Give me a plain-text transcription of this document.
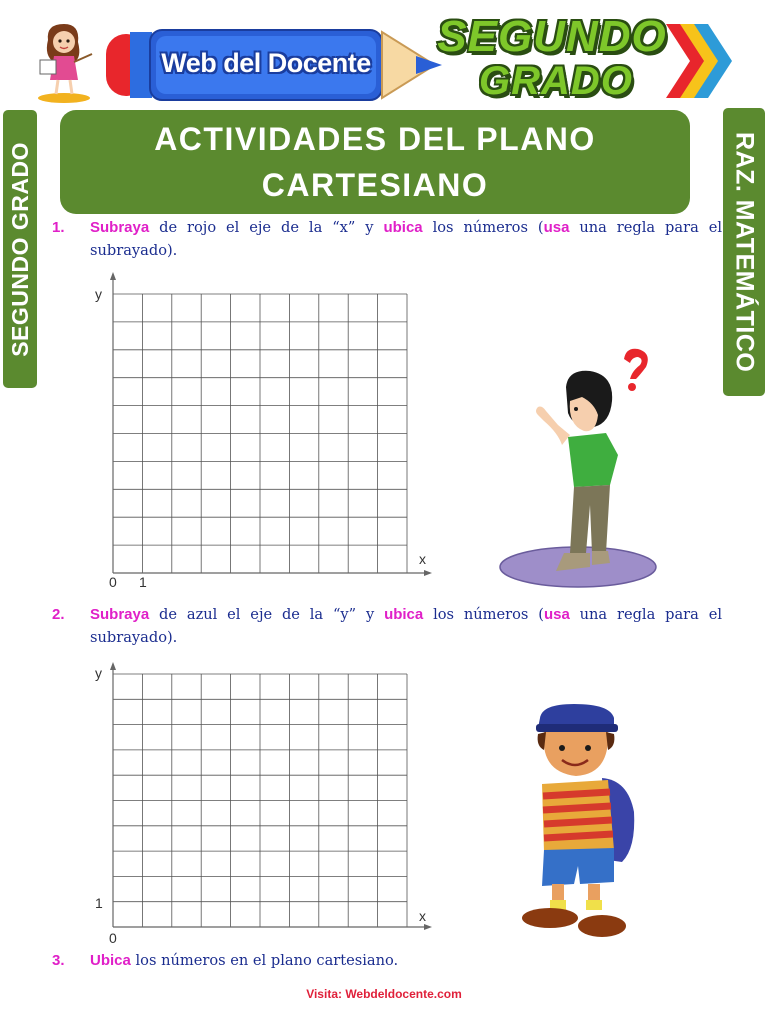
Web del Docente
SEGUNDO
GRADO
SEGUNDO GRADO	RAZ. MATEMÁTICO
ACTIVIDADES DEL PLANO
CARTESIANO
1. Subraya de rojo el eje de la “x” y ubica los números (usa una regla para el subrayado).
y
x
0 1
2. Subraya de azul el eje de la “y” y ubica los números (usa una regla para el subrayado).
y
x
1
0
3. Ubica los números en el plano cartesiano.
Visita: Webdeldocente.com
